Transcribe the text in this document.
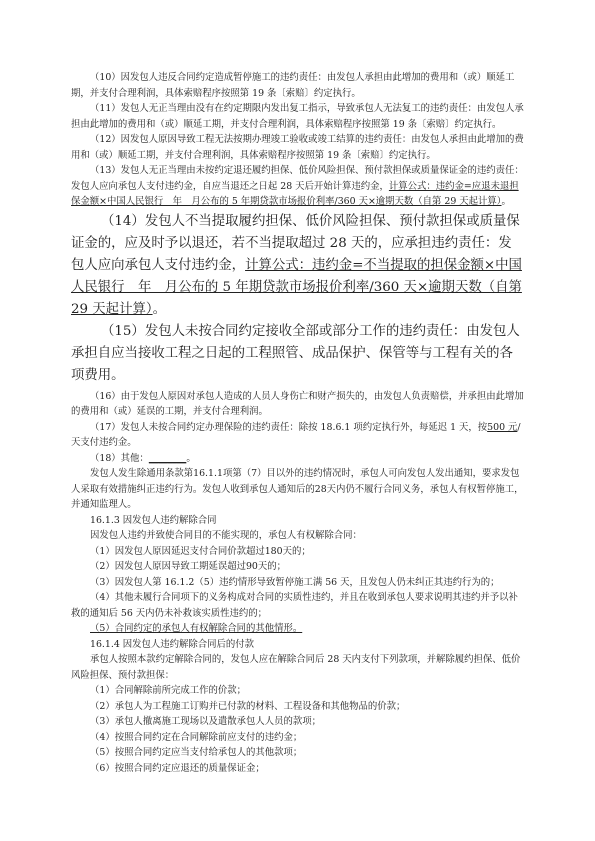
（10）因发包人违反合同约定造成暂停施工的违约责任：由发包人承担由此增加的费用和（或）顺延工期，并支付合理利润，具体索赔程序按照第 19 条〔索赔〕约定执行。

（11）发包人无正当理由没有在约定期限内发出复工指示，导致承包人无法复工的违约责任：由发包人承担由此增加的费用和（或）顺延工期，并支付合理利润，具体索赔程序按照第 19 条〔索赔〕约定执行。

（12）因发包人原因导致工程无法按期办理竣工验收或竣工结算的违约责任：由发包人承担由此增加的费用和（或）顺延工期，并支付合理利润，具体索赔程序按照第 19 条〔索赔〕约定执行。

（13）发包人无正当理由未按约定退还履约担保、低价风险担保、预付款担保或质量保证金的违约责任：发包人应向承包人支付违约金，自应当退还之日起 28 天后开始计算违约金，计算公式：违约金=应退未退担保金额×中国人民银行　年　月公布的 5 年期贷款市场报价利率/360 天×逾期天数（自第 29 天起计算）。

（14）发包人不当提取履约担保、低价风险担保、预付款担保或质量保证金的，应及时予以退还，若不当提取超过 28 天的，应承担违约责任：发包人应向承包人支付违约金，计算公式：违约金=不当提取的担保金额×中国人民银行　年　月公布的 5 年期贷款市场报价利率/360 天×逾期天数（自第 29 天起计算）。

（15）发包人未按合同约定接收全部或部分工作的违约责任：由发包人承担自应当接收工程之日起的工程照管、成品保护、保管等与工程有关的各项费用。

（16）由于发包人原因对承包人造成的人员人身伤亡和财产损失的，由发包人负责赔偿，并承担由此增加的费用和（或）延误的工期，并支付合理利润。

（17）发包人未按合同约定办理保险的违约责任：除按 18.6.1 项约定执行外，每延迟 1 天，按500 元/天支付违约金。

（18）其他：________。

发包人发生除通用条款第16.1.1项第（7）目以外的违约情况时，承包人可向发包人发出通知，要求发包人采取有效措施纠正违约行为。发包人收到承包人通知后的28天内仍不履行合同义务，承包人有权暂停施工，并通知监理人。

16.1.3 因发包人违约解除合同

因发包人违约并致使合同目的不能实现的，承包人有权解除合同：

（1）因发包人原因延迟支付合同价款超过180天的；

（2）因发包人原因导致工期延误超过90天的；

（3）因发包人第 16.1.2（5）违约情形导致暂停施工满 56 天，且发包人仍未纠正其违约行为的；

（4）其他未履行合同项下的义务构成对合同的实质性违约，并且在收到承包人要求说明其违约并予以补救的通知后 56 天内仍未补救该实质性违约的；

（5）合同约定的承包人有权解除合同的其他情形。

16.1.4 因发包人违约解除合同后的付款

承包人按照本款约定解除合同的，发包人应在解除合同后 28 天内支付下列款项，并解除履约担保、低价风险担保、预付款担保：

（1）合同解除前所完成工作的价款；

（2）承包人为工程施工订购并已付款的材料、工程设备和其他物品的价款；

（3）承包人撤离施工现场以及遣散承包人人员的款项；

（4）按照合同约定在合同解除前应支付的违约金；

（5）按照合同约定应当支付给承包人的其他款项；

（6）按照合同约定应退还的质量保证金；
